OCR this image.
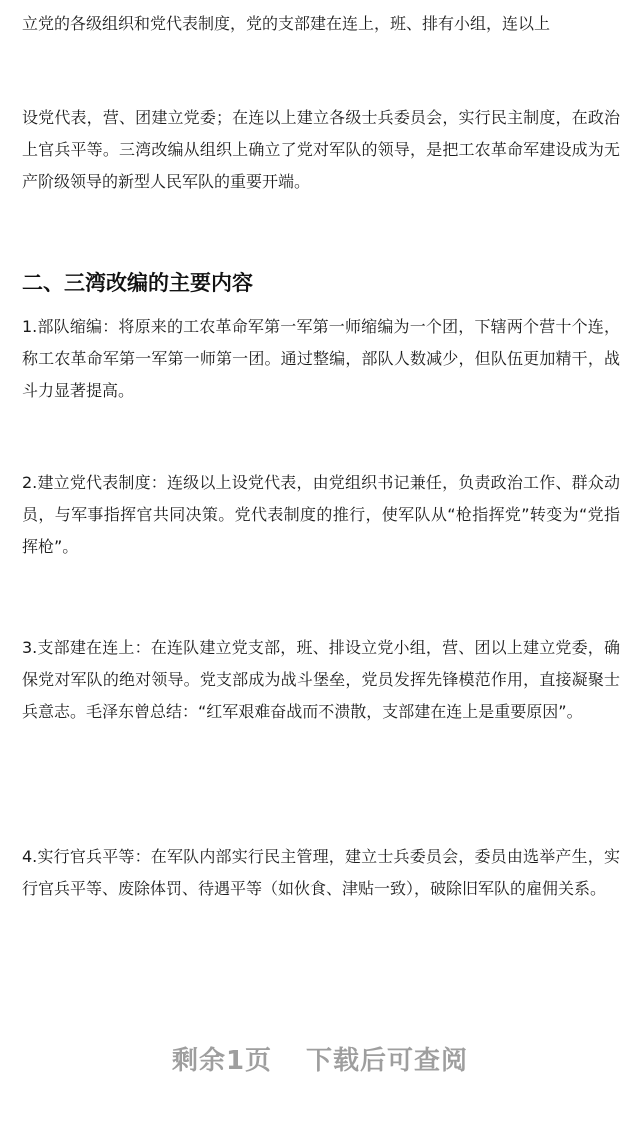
立党的各级组织和党代表制度，党的支部建在连上，班、排有小组，连以上

设党代表，营、团建立党委；在连以上建立各级士兵委员会，实行民主制度，在政治上官兵平等。三湾改编从组织上确立了党对军队的领导，是把工农革命军建设成为无产阶级领导的新型人民军队的重要开端。

二、三湾改编的主要内容

1.部队缩编：将原来的工农革命军第一军第一师缩编为一个团，下辖两个营十个连，称工农革命军第一军第一师第一团。通过整编，部队人数减少，但队伍更加精干，战斗力显著提高。

2.建立党代表制度：连级以上设党代表，由党组织书记兼任，负责政治工作、群众动员，与军事指挥官共同决策。党代表制度的推行，使军队从“枪指挥党”转变为“党指挥枪”。

3.支部建在连上：在连队建立党支部，班、排设立党小组，营、团以上建立党委，确保党对军队的绝对领导。党支部成为战斗堡垒，党员发挥先锋模范作用，直接凝聚士兵意志。毛泽东曾总结：“红军艰难奋战而不溃散，支部建在连上是重要原因”。

4.实行官兵平等：在军队内部实行民主管理，建立士兵委员会，委员由选举产生，实行官兵平等、废除体罚、待遇平等（如伙食、津贴一致），破除旧军队的雇佣关系。

剩余1页 下载后可查阅
